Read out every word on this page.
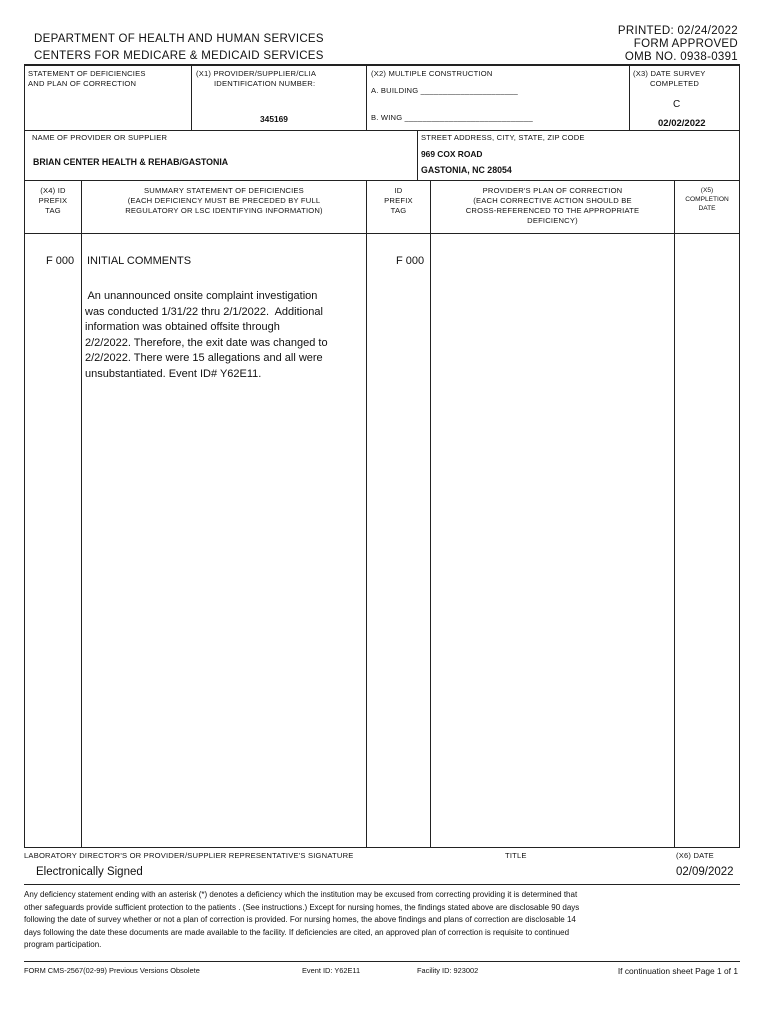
DEPARTMENT OF HEALTH AND HUMAN SERVICES
CENTERS FOR MEDICARE & MEDICAID SERVICES
PRINTED: 02/24/2022
FORM APPROVED
OMB NO. 0938-0391
STATEMENT OF DEFICIENCIES
AND PLAN OF CORRECTION
(X1) PROVIDER/SUPPLIER/CLIA
IDENTIFICATION NUMBER:
345169
(X2) MULTIPLE CONSTRUCTION
A. BUILDING ______________________
B. WING _____________________________
(X3) DATE SURVEY
COMPLETED
C
02/02/2022
NAME OF PROVIDER OR SUPPLIER
BRIAN CENTER HEALTH & REHAB/GASTONIA
STREET ADDRESS, CITY, STATE, ZIP CODE
969 COX ROAD
GASTONIA, NC 28054
(X4) ID
PREFIX
TAG
SUMMARY STATEMENT OF DEFICIENCIES
(EACH DEFICIENCY MUST BE PRECEDED BY FULL
REGULATORY OR LSC IDENTIFYING INFORMATION)
ID
PREFIX
TAG
PROVIDER'S PLAN OF CORRECTION
(EACH CORRECTIVE ACTION SHOULD BE
CROSS-REFERENCED TO THE APPROPRIATE
DEFICIENCY)
(X5)
COMPLETION
DATE
F 000 INITIAL COMMENTS	F 000
An unannounced onsite complaint investigation
was conducted 1/31/22 thru 2/1/2022.  Additional
information was obtained offsite through
2/2/2022. Therefore, the exit date was changed to
2/2/2022. There were 15 allegations and all were
unsubstantiated. Event ID# Y62E11.
LABORATORY DIRECTOR'S OR PROVIDER/SUPPLIER REPRESENTATIVE'S SIGNATURE	TITLE	(X6) DATE
Electronically Signed	02/09/2022
Any deficiency statement ending with an asterisk (*) denotes a deficiency which the institution may be excused from correcting providing it is determined that
other safeguards provide sufficient protection to the patients . (See instructions.) Except for nursing homes, the findings stated above are disclosable 90 days
following the date of survey whether or not a plan of correction is provided. For nursing homes, the above findings and plans of correction are disclosable 14
days following the date these documents are made available to the facility. If deficiencies are cited, an approved plan of correction is requisite to continued
program participation.
FORM CMS-2567(02-99) Previous Versions Obsolete	Event ID: Y62E11	Facility ID: 923002	If continuation sheet Page 1 of 1
